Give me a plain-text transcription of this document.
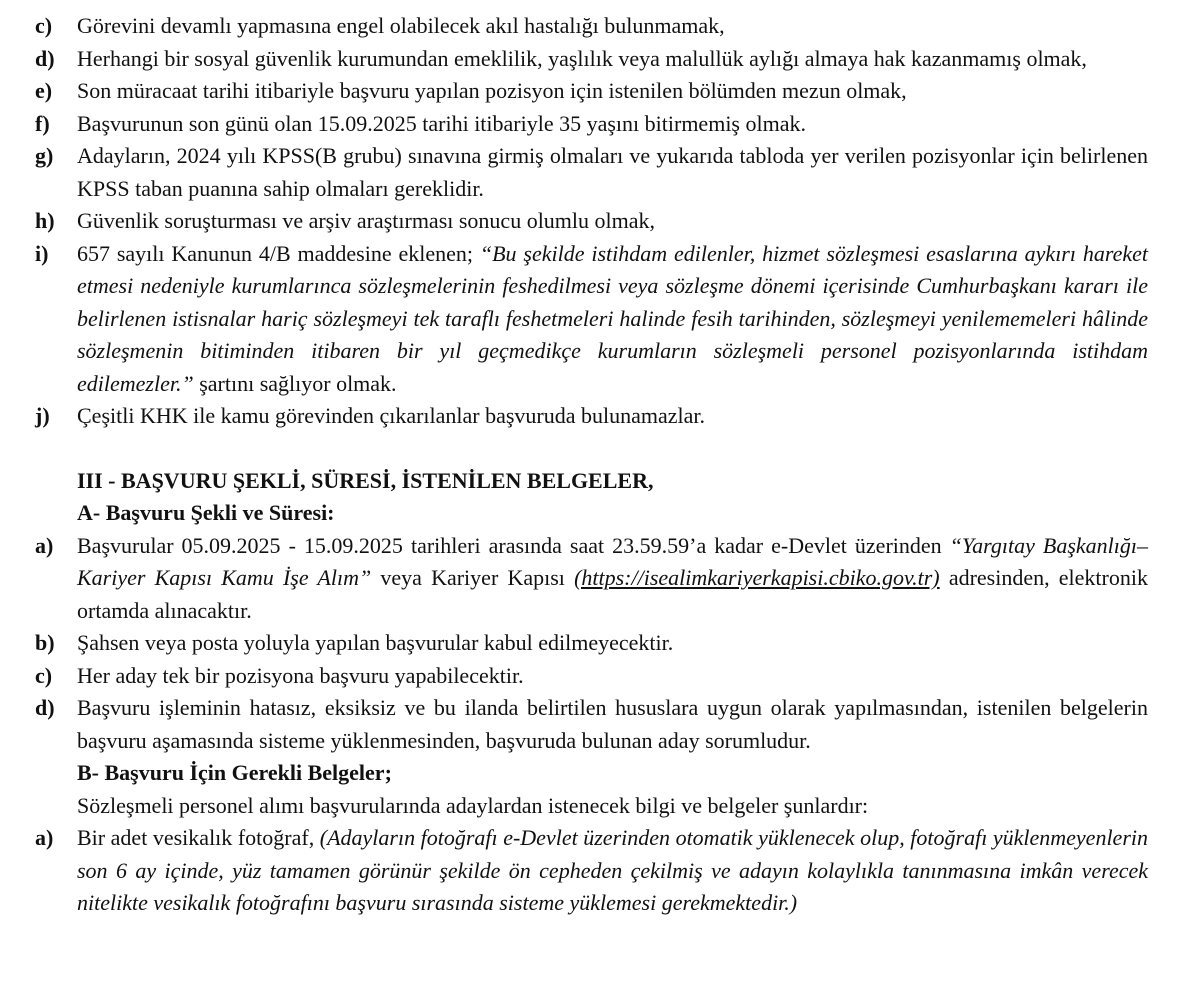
c)	Görevini devamlı yapmasına engel olabilecek akıl hastalığı bulunmamak,
d)	Herhangi bir sosyal güvenlik kurumundan emeklilik, yaşlılık veya malullük aylığı almaya hak kazanmamış olmak,
e)	Son müracaat tarihi itibariyle başvuru yapılan pozisyon için istenilen bölümden mezun olmak,
f)	Başvurunun son günü olan 15.09.2025 tarihi itibariyle 35 yaşını bitirmemiş olmak.
g)	Adayların, 2024 yılı KPSS(B grubu) sınavına girmiş olmaları ve yukarıda tabloda yer verilen pozisyonlar için belirlenen KPSS taban puanına sahip olmaları gereklidir.
h)	Güvenlik soruşturması ve arşiv araştırması sonucu olumlu olmak,
i)	657 sayılı Kanunun 4/B maddesine eklenen; “Bu şekilde istihdam edilenler, hizmet sözleşmesi esaslarına aykırı hareket etmesi nedeniyle kurumlarınca sözleşmelerinin feshedilmesi veya sözleşme dönemi içerisinde Cumhurbaşkanı kararı ile belirlenen istisnalar hariç sözleşmeyi tek taraflı feshetmeleri halinde fesih tarihinden, sözleşmeyi yenilememeleri hâlinde sözleşmenin bitiminden itibaren bir yıl geçmedikçe kurumların sözleşmeli personel pozisyonlarında istihdam edilemezler.” şartını sağlıyor olmak.
j)	Çeşitli KHK ile kamu görevinden çıkarılanlar başvuruda bulunamazlar.
III - BAŞVURU ŞEKLİ, SÜRESİ, İSTENİLEN BELGELER,
A- Başvuru Şekli ve Süresi:
a)	Başvurular 05.09.2025 - 15.09.2025 tarihleri arasında saat 23.59.59’a kadar e-Devlet üzerinden “Yargıtay Başkanlığı–Kariyer Kapısı Kamu İşe Alım” veya Kariyer Kapısı (https://isealimkariyerkapisi.cbiko.gov.tr) adresinden, elektronik ortamda alınacaktır.
b)	Şahsen veya posta yoluyla yapılan başvurular kabul edilmeyecektir.
c)	Her aday tek bir pozisyona başvuru yapabilecektir.
d)	Başvuru işleminin hatasız, eksiksiz ve bu ilanda belirtilen hususlara uygun olarak yapılmasından, istenilen belgelerin başvuru aşamasında sisteme yüklenmesinden, başvuruda bulunan aday sorumludur.
B- Başvuru İçin Gerekli Belgeler;
Sözleşmeli personel alımı başvurularında adaylardan istenecek bilgi ve belgeler şunlardır:
a)	Bir adet vesikalık fotoğraf, (Adayların fotoğrafı e-Devlet üzerinden otomatik yüklenecek olup, fotoğrafı yüklenmeyenlerin son 6 ay içinde, yüz tamamen görünür şekilde ön cepheden çekilmiş ve adayın kolaylıkla tanınmasına imkân verecek nitelikte vesikalık fotoğrafını başvuru sırasında sisteme yüklemesi gerekmektedir.)
